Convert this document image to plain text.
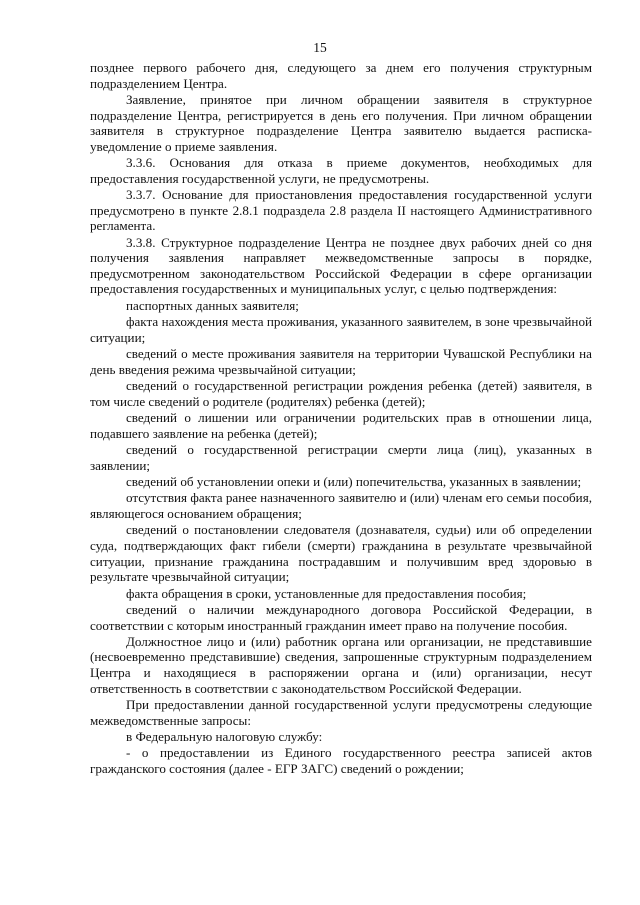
15

позднее первого рабочего дня, следующего за днем его получения структурным подразделением Центра.

Заявление, принятое при личном обращении заявителя в структурное подразделение Центра, регистрируется в день его получения. При личном обращении заявителя в структурное подразделение Центра заявителю выдается расписка-уведомление о приеме заявления.

3.3.6. Основания для отказа в приеме документов, необходимых для предоставления государственной услуги, не предусмотрены.

3.3.7. Основание для приостановления предоставления государственной услуги предусмотрено в пункте 2.8.1 подраздела 2.8 раздела II настоящего Административного регламента.

3.3.8. Структурное подразделение Центра не позднее двух рабочих дней со дня получения заявления направляет межведомственные запросы в порядке, предусмотренном законодательством Российской Федерации в сфере организации предоставления государственных и муниципальных услуг, с целью подтверждения:

паспортных данных заявителя;

факта нахождения места проживания, указанного заявителем, в зоне чрезвычайной ситуации;

сведений о месте проживания заявителя на территории Чувашской Республики на день введения режима чрезвычайной ситуации;

сведений о государственной регистрации рождения ребенка (детей) заявителя, в том числе сведений о родителе (родителях) ребенка (детей);

сведений о лишении или ограничении родительских прав в отношении лица, подавшего заявление на ребенка (детей);

сведений о государственной регистрации смерти лица (лиц), указанных в заявлении;

сведений об установлении опеки и (или) попечительства, указанных в заявлении;

отсутствия факта ранее назначенного заявителю и (или) членам его семьи пособия, являющегося основанием обращения;

сведений о постановлении следователя (дознавателя, судьи) или об определении суда, подтверждающих факт гибели (смерти) гражданина в результате чрезвычайной ситуации, признание гражданина пострадавшим и получившим вред здоровью в результате чрезвычайной ситуации;

факта обращения в сроки, установленные для предоставления пособия;

сведений о наличии международного договора Российской Федерации, в соответствии с которым иностранный гражданин имеет право на получение пособия.

Должностное лицо и (или) работник органа или организации, не представившие (несвоевременно представившие) сведения, запрошенные структурным подразделением Центра и находящиеся в распоряжении органа и (или) организации, несут ответственность в соответствии с законодательством Российской Федерации.

При предоставлении данной государственной услуги предусмотрены следующие межведомственные запросы:

в Федеральную налоговую службу:

- о предоставлении из Единого государственного реестра записей актов гражданского состояния (далее - ЕГР ЗАГС) сведений о рождении;
